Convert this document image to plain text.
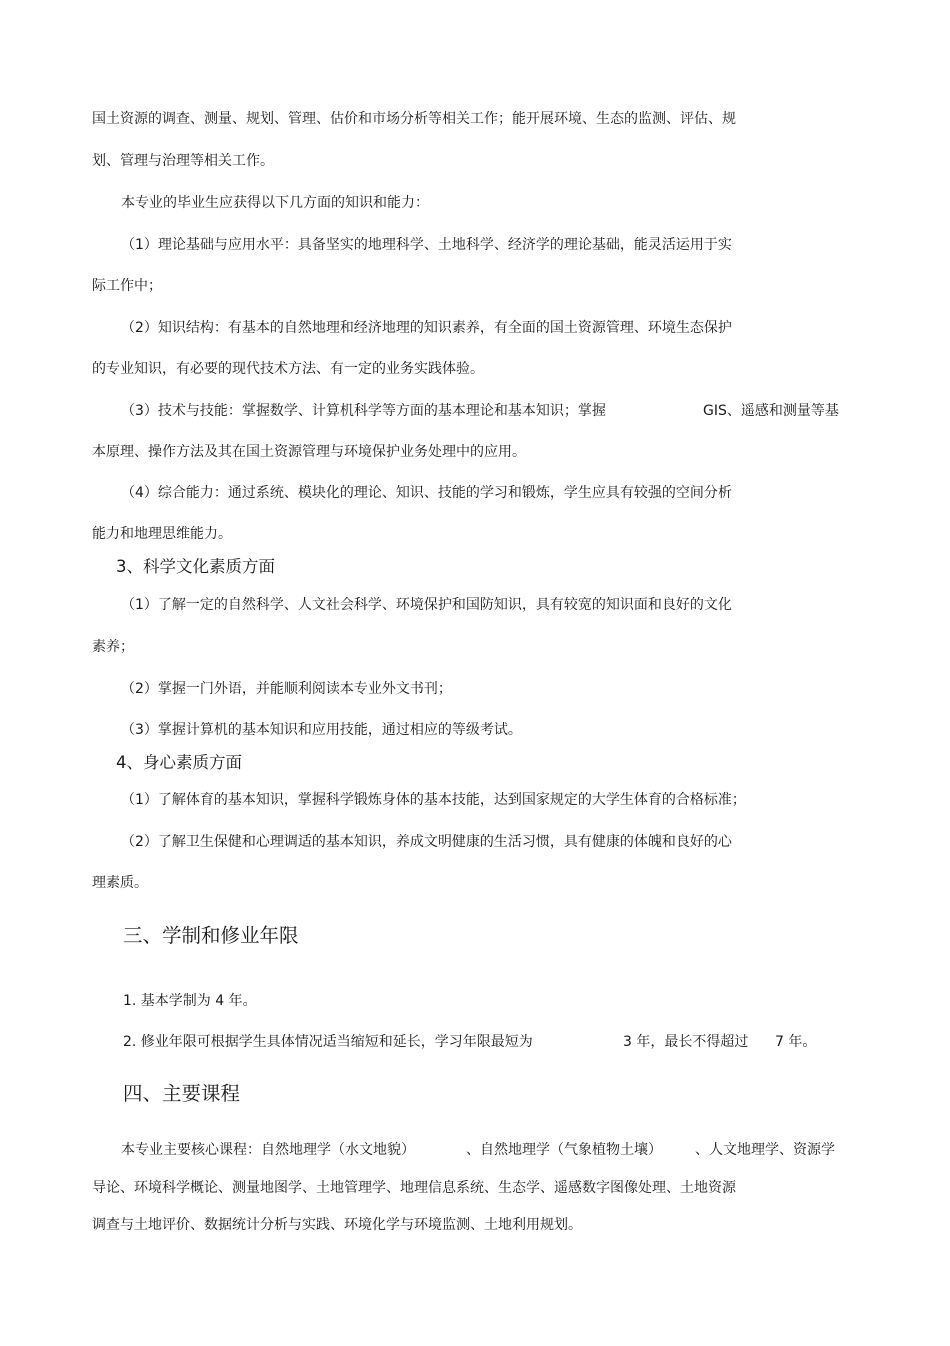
国土资源的调查、测量、规划、管理、估价和市场分析等相关工作；能开展环境、生态的监测、评估、规
划、管理与治理等相关工作。
本专业的毕业生应获得以下几方面的知识和能力：
（1）理论基础与应用水平：具备坚实的地理科学、土地科学、经济学的理论基础，能灵活运用于实
际工作中；
（2）知识结构：有基本的自然地理和经济地理的知识素养，有全面的国土资源管理、环境生态保护
的专业知识，有必要的现代技术方法、有一定的业务实践体验。
（3）技术与技能：掌握数学、计算机科学等方面的基本理论和基本知识；掌握	GIS、遥感和测量等基
本原理、操作方法及其在国土资源管理与环境保护业务处理中的应用。
（4）综合能力：通过系统、模块化的理论、知识、技能的学习和锻炼，学生应具有较强的空间分析
能力和地理思维能力。
3、科学文化素质方面
（1）了解一定的自然科学、人文社会科学、环境保护和国防知识，具有较宽的知识面和良好的文化
素养；
（2）掌握一门外语，并能顺利阅读本专业外文书刊；
（3）掌握计算机的基本知识和应用技能，通过相应的等级考试。
4、身心素质方面
（1）了解体育的基本知识，掌握科学锻炼身体的基本技能，达到国家规定的大学生体育的合格标准；
（2）了解卫生保健和心理调适的基本知识，养成文明健康的生活习惯，具有健康的体魄和良好的心
理素质。
三、学制和修业年限
1. 基本学制为 4 年。
2. 修业年限可根据学生具体情况适当缩短和延长，学习年限最短为	3 年，最长不得超过 7 年。
四、主要课程
本专业主要核心课程：自然地理学（水文地貌）	、自然地理学（气象植物土壤） 、人文地理学、资源学
导论、环境科学概论、测量地图学、土地管理学、地理信息系统、生态学、遥感数字图像处理、土地资源
调查与土地评价、数据统计分析与实践、环境化学与环境监测、土地利用规划。
